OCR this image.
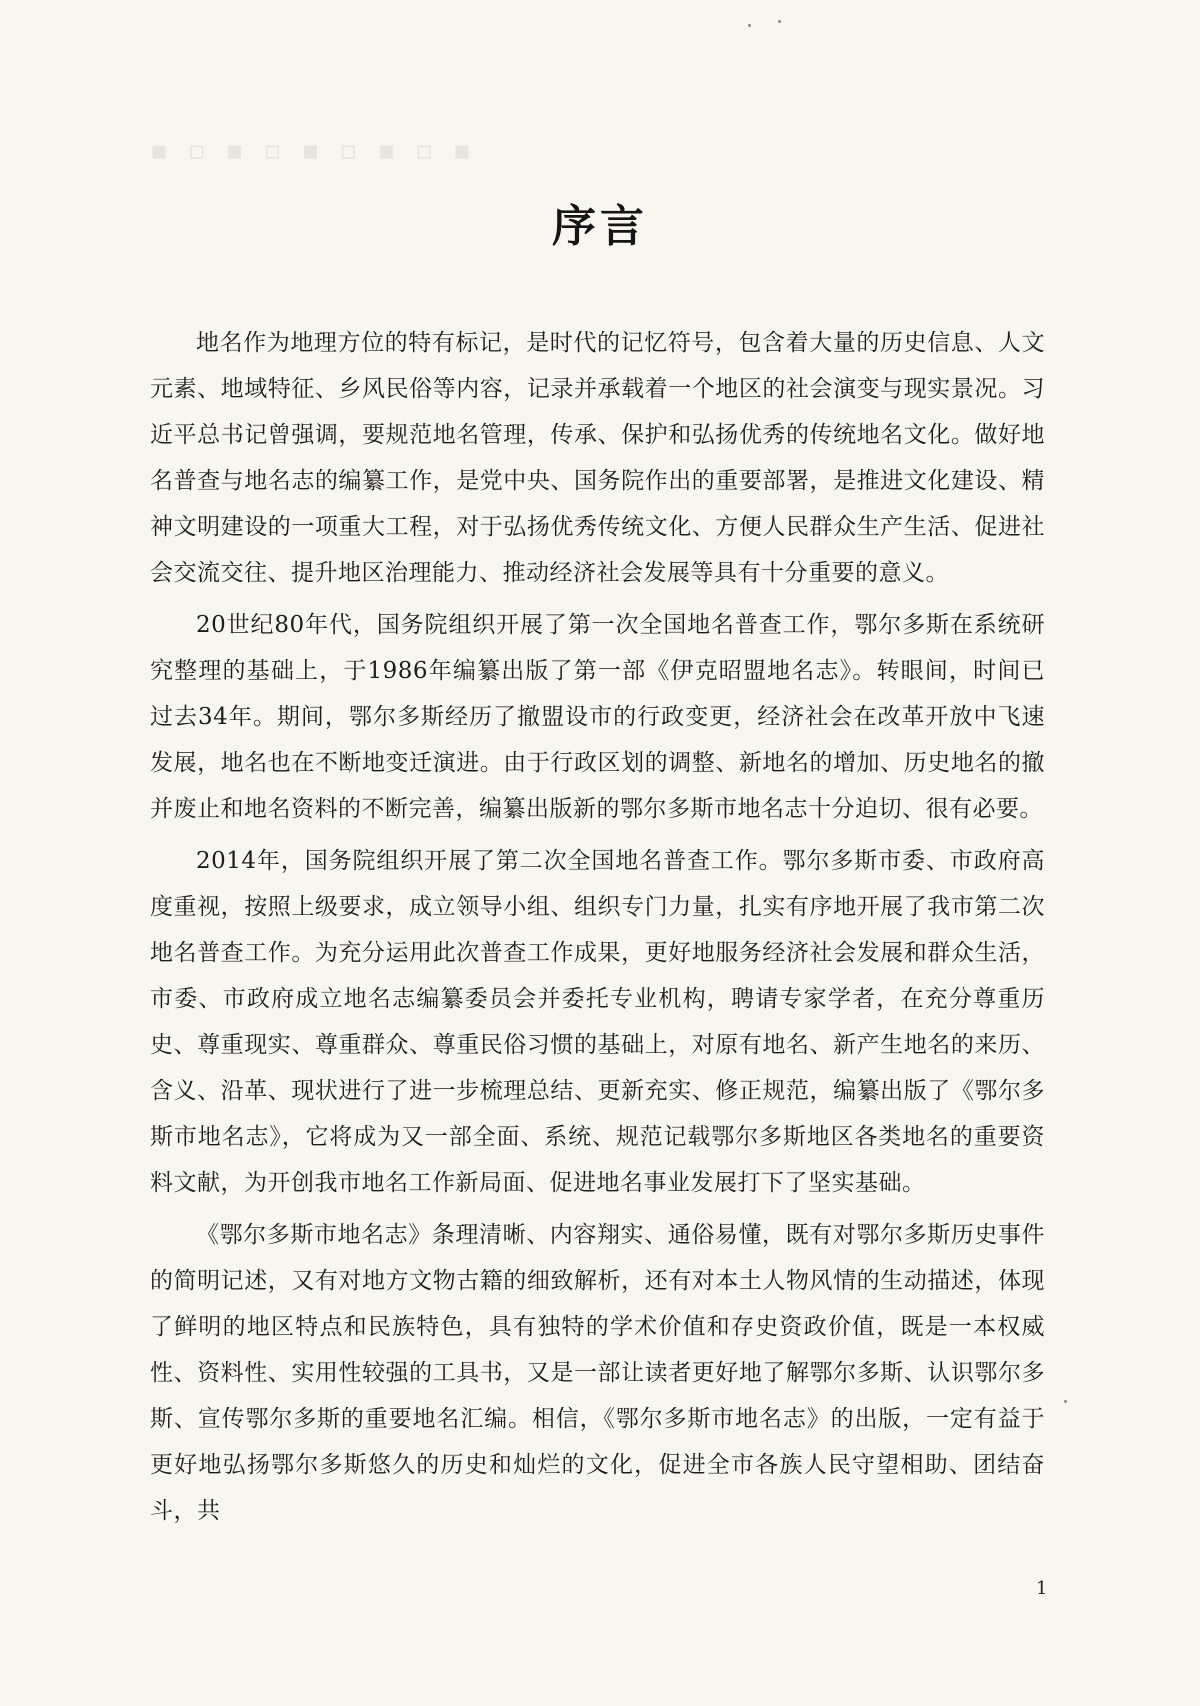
▪ ▫ ▪ ▫ ▪ ▫ ▪ ▫ ▪
序言

地名作为地理方位的特有标记，是时代的记忆符号，包含着大量的历史信息、人文元素、地域特征、乡风民俗等内容，记录并承载着一个地区的社会演变与现实景况。习近平总书记曾强调，要规范地名管理，传承、保护和弘扬优秀的传统地名文化。做好地名普查与地名志的编纂工作，是党中央、国务院作出的重要部署，是推进文化建设、精神文明建设的一项重大工程，对于弘扬优秀传统文化、方便人民群众生产生活、促进社会交流交往、提升地区治理能力、推动经济社会发展等具有十分重要的意义。

20世纪80年代，国务院组织开展了第一次全国地名普查工作，鄂尔多斯在系统研究整理的基础上，于1986年编纂出版了第一部《伊克昭盟地名志》。转眼间，时间已过去34年。期间，鄂尔多斯经历了撤盟设市的行政变更，经济社会在改革开放中飞速发展，地名也在不断地变迁演进。由于行政区划的调整、新地名的增加、历史地名的撤并废止和地名资料的不断完善，编纂出版新的鄂尔多斯市地名志十分迫切、很有必要。

2014年，国务院组织开展了第二次全国地名普查工作。鄂尔多斯市委、市政府高度重视，按照上级要求，成立领导小组、组织专门力量，扎实有序地开展了我市第二次地名普查工作。为充分运用此次普查工作成果，更好地服务经济社会发展和群众生活，市委、市政府成立地名志编纂委员会并委托专业机构，聘请专家学者，在充分尊重历史、尊重现实、尊重群众、尊重民俗习惯的基础上，对原有地名、新产生地名的来历、含义、沿革、现状进行了进一步梳理总结、更新充实、修正规范，编纂出版了《鄂尔多斯市地名志》，它将成为又一部全面、系统、规范记载鄂尔多斯地区各类地名的重要资料文献，为开创我市地名工作新局面、促进地名事业发展打下了坚实基础。

《鄂尔多斯市地名志》条理清晰、内容翔实、通俗易懂，既有对鄂尔多斯历史事件的简明记述，又有对地方文物古籍的细致解析，还有对本土人物风情的生动描述，体现了鲜明的地区特点和民族特色，具有独特的学术价值和存史资政价值，既是一本权威性、资料性、实用性较强的工具书，又是一部让读者更好地了解鄂尔多斯、认识鄂尔多斯、宣传鄂尔多斯的重要地名汇编。相信，《鄂尔多斯市地名志》的出版，一定有益于更好地弘扬鄂尔多斯悠久的历史和灿烂的文化，促进全市各族人民守望相助、团结奋斗，共

1
